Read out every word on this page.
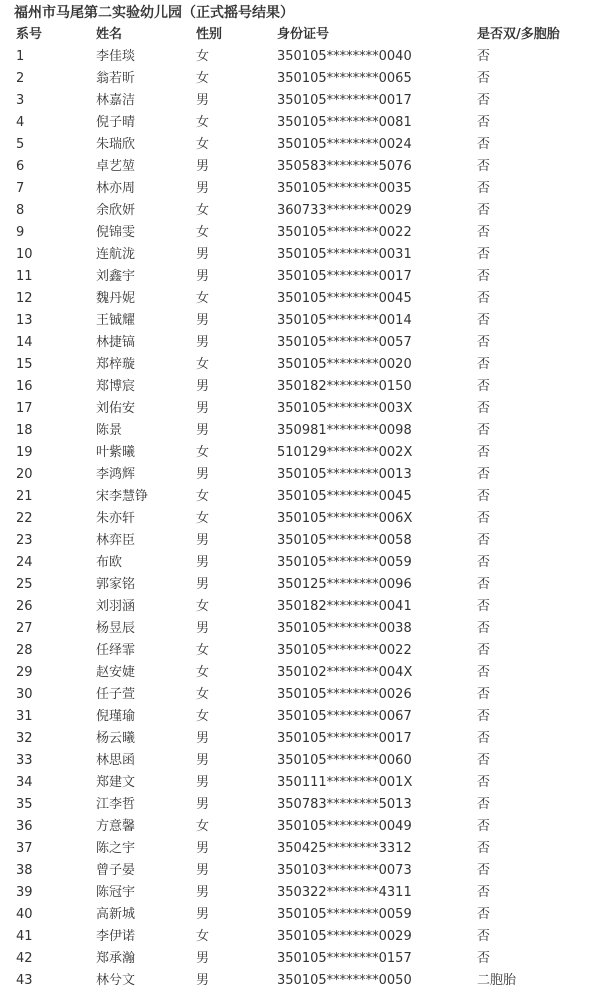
福州市马尾第二实验幼儿园（正式摇号结果）
系号	姓名	性别	身份证号	是否双/多胞胎
1	李佳琰	女	350105********0040	否
2	翁若昕	女	350105********0065	否
3	林嘉洁	男	350105********0017	否
4	倪子晴	女	350105********0081	否
5	朱瑞欣	女	350105********0024	否
6	卓艺堃	男	350583********5076	否
7	林亦周	男	350105********0035	否
8	余欣妍	女	360733********0029	否
9	倪锦雯	女	350105********0022	否
10	连航泷	男	350105********0031	否
11	刘鑫宇	男	350105********0017	否
12	魏丹妮	女	350105********0045	否
13	王铖耀	男	350105********0014	否
14	林捷镐	男	350105********0057	否
15	郑梓璇	女	350105********0020	否
16	郑博宸	男	350182********0150	否
17	刘佑安	男	350105********003X	否
18	陈景	男	350981********0098	否
19	叶紫曦	女	510129********002X	否
20	李鸿辉	男	350105********0013	否
21	宋李慧铮	女	350105********0045	否
22	朱亦轩	女	350105********006X	否
23	林弈臣	男	350105********0058	否
24	布欧	男	350105********0059	否
25	郭家铭	男	350125********0096	否
26	刘羽涵	女	350182********0041	否
27	杨昱辰	男	350105********0038	否
28	任绎霏	女	350105********0022	否
29	赵安婕	女	350102********004X	否
30	任子萱	女	350105********0026	否
31	倪瑾瑜	女	350105********0067	否
32	杨云曦	男	350105********0017	否
33	林思函	男	350105********0060	否
34	郑建文	男	350111********001X	否
35	江李哲	男	350783********5013	否
36	方意馨	女	350105********0049	否
37	陈之宇	男	350425********3312	否
38	曾子晏	男	350103********0073	否
39	陈冠宇	男	350322********4311	否
40	高新城	男	350105********0059	否
41	李伊诺	女	350105********0029	否
42	郑承瀚	男	350105********0157	否
43	林兮文	男	350105********0050	二胞胎
